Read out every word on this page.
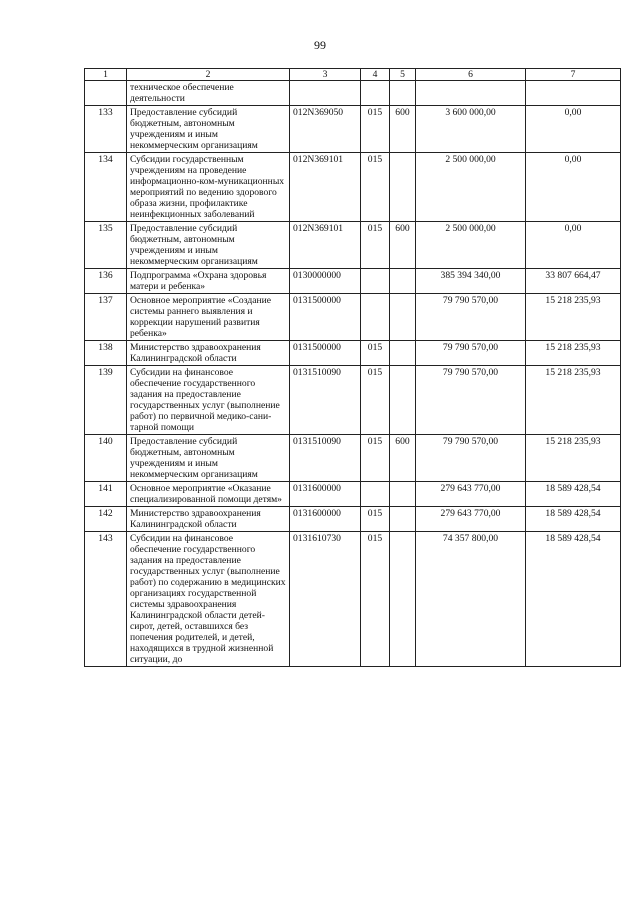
99
1	2	3	4	5	6	7
	техническое обеспечение деятельности					
133	Предоставление субсидий бюджетным, автономным учреждениям и иным некоммерческим организациям	012N369050	015	600	3 600 000,00	0,00
134	Субсидии государственным учреждениям на проведение информационно-ком-муникационных мероприятий по ведению здорового образа жизни, профилактике неинфекционных заболеваний	012N369101	015		2 500 000,00	0,00
135	Предоставление субсидий бюджетным, автономным учреждениям и иным некоммерческим организациям	012N369101	015	600	2 500 000,00	0,00
136	Подпрограмма «Охрана здоровья матери и ребенка»	0130000000			385 394 340,00	33 807 664,47
137	Основное мероприятие «Создание системы раннего выявления и коррекции нарушений развития ребенка»	0131500000			79 790 570,00	15 218 235,93
138	Министерство здравоохранения Калининградской области	0131500000	015		79 790 570,00	15 218 235,93
139	Субсидии на финансовое обеспечение государственного задания на предоставление государственных услуг (выполнение работ) по первичной медико-сани-тарной помощи	0131510090	015		79 790 570,00	15 218 235,93
140	Предоставление субсидий бюджетным, автономным учреждениям и иным некоммерческим организациям	0131510090	015	600	79 790 570,00	15 218 235,93
141	Основное мероприятие «Оказание специализированной помощи детям»	0131600000			279 643 770,00	18 589 428,54
142	Министерство здравоохранения Калининградской области	0131600000	015		279 643 770,00	18 589 428,54
143	Субсидии на финансовое обеспечение государственного задания на предоставление государственных услуг (выполнение работ) по содержанию в медицинских организациях государственной системы здравоохранения Калининградской области детей-сирот, детей, оставшихся без попечения родителей, и детей, находящихся в трудной жизненной ситуации, до	0131610730	015		74 357 800,00	18 589 428,54
